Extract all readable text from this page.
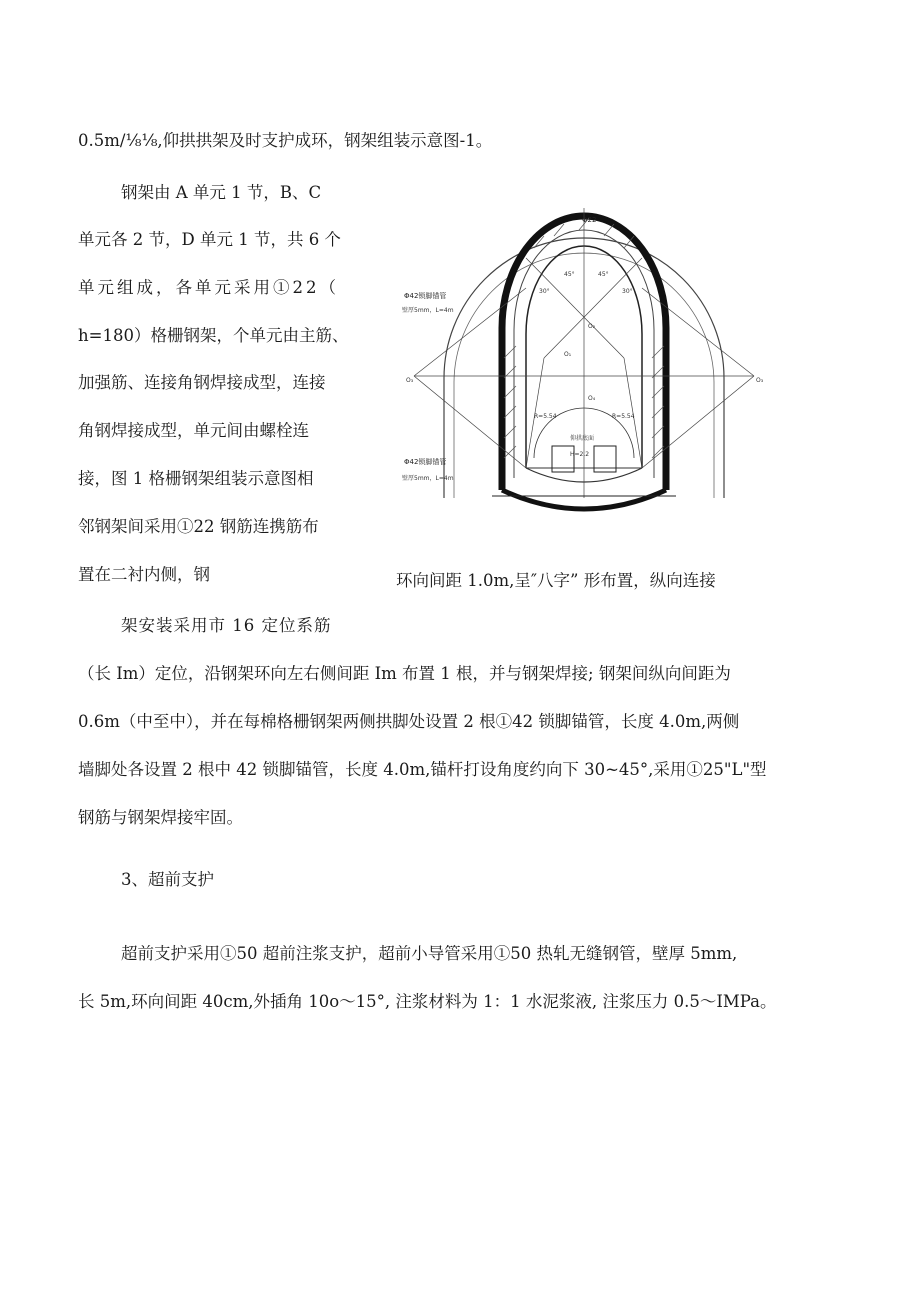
0.5m/⅛⅛,仰拱拱架及时支护成环，钢架组装示意图-1。
钢架由 A 单元 1 节，B、C
单元各 2 节，D 单元 1 节，共 6 个
单元组成，各单元采用①22（
h=180）格栅钢架，个单元由主筋、
加强筋、连接角钢焊接成型，连接
角钢焊接成型，单元间由螺栓连
接，图 1 格栅钢架组装示意图相
邻钢架间采用①22 钢筋连携筋布
置在二衬内侧，钢
Φ22
Φ42锁脚锚管
壁厚5mm，L=4m
Φ42锁脚锚管
壁厚5mm，L=4m
45°
30°
45°
30°
O₁
O₂
O₃	O₃
O₄
R=5.54	R=5.54
仰拱底面
H=2.2
环向间距 1.0m,呈″八字” 形布置，纵向连接
架安装采用市 16 定位系筋
（长 Im）定位，沿钢架环向左右侧间距 Im 布置 1 根，并与钢架焊接; 钢架间纵向间距为
0.6m（中至中），并在每棉格栅钢架两侧拱脚处设置 2 根①42 锁脚锚管，长度 4.0m,两侧
墙脚处各设置 2 根中 42 锁脚锚管，长度 4.0m,锚杆打设角度约向下 30~45°,采用①25"L"型
钢筋与钢架焊接牢固。
3、超前支护
超前支护采用①50 超前注浆支护，超前小导管采用①50 热轧无缝钢管，壁厚 5mm,
长 5m,环向间距 40cm,外插角 10o～15°, 注浆材料为 1：1 水泥浆液, 注浆压力 0.5～IMPa。
